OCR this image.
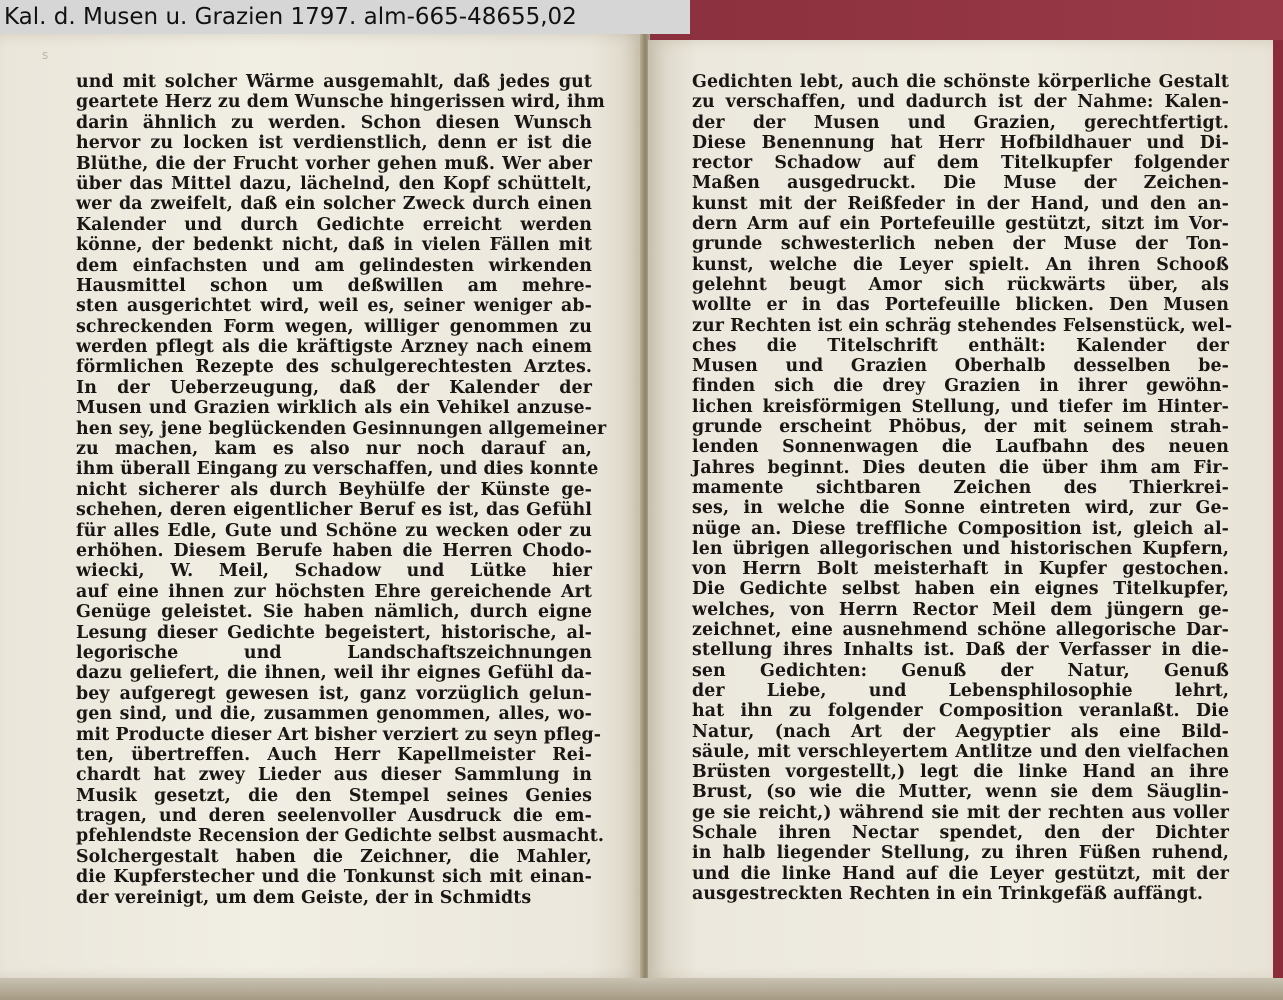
und mit solcher Wärme ausgemahlt, daß jedes gut
geartete Herz zu dem Wunsche hingerissen wird, ihm
darin ähnlich zu werden. Schon diesen Wunsch
hervor zu locken ist verdienstlich, denn er ist die
Blüthe, die der Frucht vorher gehen muß. Wer aber
über das Mittel dazu, lächelnd, den Kopf schüttelt,
wer da zweifelt, daß ein solcher Zweck durch einen
Kalender und durch Gedichte erreicht werden
könne, der bedenkt nicht, daß in vielen Fällen mit
dem einfachsten und am gelindesten wirkenden
Hausmittel schon um deßwillen am mehre-
sten ausgerichtet wird, weil es, seiner weniger ab-
schreckenden Form wegen, williger genommen zu
werden pflegt als die kräftigste Arzney nach einem
förmlichen Rezepte des schulgerechtesten Arztes.
In der Ueberzeugung, daß der Kalender der
Musen und Grazien wirklich als ein Vehikel anzuse-
hen sey, jene beglückenden Gesinnungen allgemeiner
zu machen, kam es also nur noch darauf an,
ihm überall Eingang zu verschaffen, und dies konnte
nicht sicherer als durch Beyhülfe der Künste ge-
schehen, deren eigentlicher Beruf es ist, das Gefühl
für alles Edle, Gute und Schöne zu wecken oder zu
erhöhen. Diesem Berufe haben die Herren Chodo-
wiecki, W. Meil, Schadow und Lütke hier
auf eine ihnen zur höchsten Ehre gereichende Art
Genüge geleistet. Sie haben nämlich, durch eigne
Lesung dieser Gedichte begeistert, historische, al-
legorische und Landschaftszeichnungen
dazu geliefert, die ihnen, weil ihr eignes Gefühl da-
bey aufgeregt gewesen ist, ganz vorzüglich gelun-
gen sind, und die, zusammen genommen, alles, wo-
mit Producte dieser Art bisher verziert zu seyn pfleg-
ten, übertreffen. Auch Herr Kapellmeister Rei-
chardt hat zwey Lieder aus dieser Sammlung in
Musik gesetzt, die den Stempel seines Genies
tragen, und deren seelenvoller Ausdruck die em-
pfehlendste Recension der Gedichte selbst ausmacht.
Solchergestalt haben die Zeichner, die Mahler,
die Kupferstecher und die Tonkunst sich mit einan-
der vereinigt, um dem Geiste, der in Schmidts
Gedichten lebt, auch die schönste körperliche Gestalt
zu verschaffen, und dadurch ist der Nahme: Kalen-
der der Musen und Grazien, gerechtfertigt.
Diese Benennung hat Herr Hofbildhauer und Di-
rector Schadow auf dem Titelkupfer folgender
Maßen ausgedruckt. Die Muse der Zeichen-
kunst mit der Reißfeder in der Hand, und den an-
dern Arm auf ein Portefeuille gestützt, sitzt im Vor-
grunde schwesterlich neben der Muse der Ton-
kunst, welche die Leyer spielt. An ihren Schooß
gelehnt beugt Amor sich rückwärts über, als
wollte er in das Portefeuille blicken. Den Musen
zur Rechten ist ein schräg stehendes Felsenstück, wel-
ches die Titelschrift enthält: Kalender der
Musen und Grazien Oberhalb desselben be-
finden sich die drey Grazien in ihrer gewöhn-
lichen kreisförmigen Stellung, und tiefer im Hinter-
grunde erscheint Phöbus, der mit seinem strah-
lenden Sonnenwagen die Laufbahn des neuen
Jahres beginnt. Dies deuten die über ihm am Fir-
mamente sichtbaren Zeichen des Thierkrei-
ses, in welche die Sonne eintreten wird, zur Ge-
nüge an. Diese treffliche Composition ist, gleich al-
len übrigen allegorischen und historischen Kupfern,
von Herrn Bolt meisterhaft in Kupfer gestochen.
Die Gedichte selbst haben ein eignes Titelkupfer,
welches, von Herrn Rector Meil dem jüngern ge-
zeichnet, eine ausnehmend schöne allegorische Dar-
stellung ihres Inhalts ist. Daß der Verfasser in die-
sen Gedichten: Genuß der Natur, Genuß
der Liebe, und Lebensphilosophie lehrt,
hat ihn zu folgender Composition veranlaßt. Die
Natur, (nach Art der Aegyptier als eine Bild-
säule, mit verschleyertem Antlitze und den vielfachen
Brüsten vorgestellt,) legt die linke Hand an ihre
Brust, (so wie die Mutter, wenn sie dem Säuglin-
ge sie reicht,) während sie mit der rechten aus voller
Schale ihren Nectar spendet, den der Dichter
in halb liegender Stellung, zu ihren Füßen ruhend,
und die linke Hand auf die Leyer gestützt, mit der
ausgestreckten Rechten in ein Trinkgefäß auffängt.
s
Kal. d. Musen u. Grazien 1797. alm-665-48655,02
